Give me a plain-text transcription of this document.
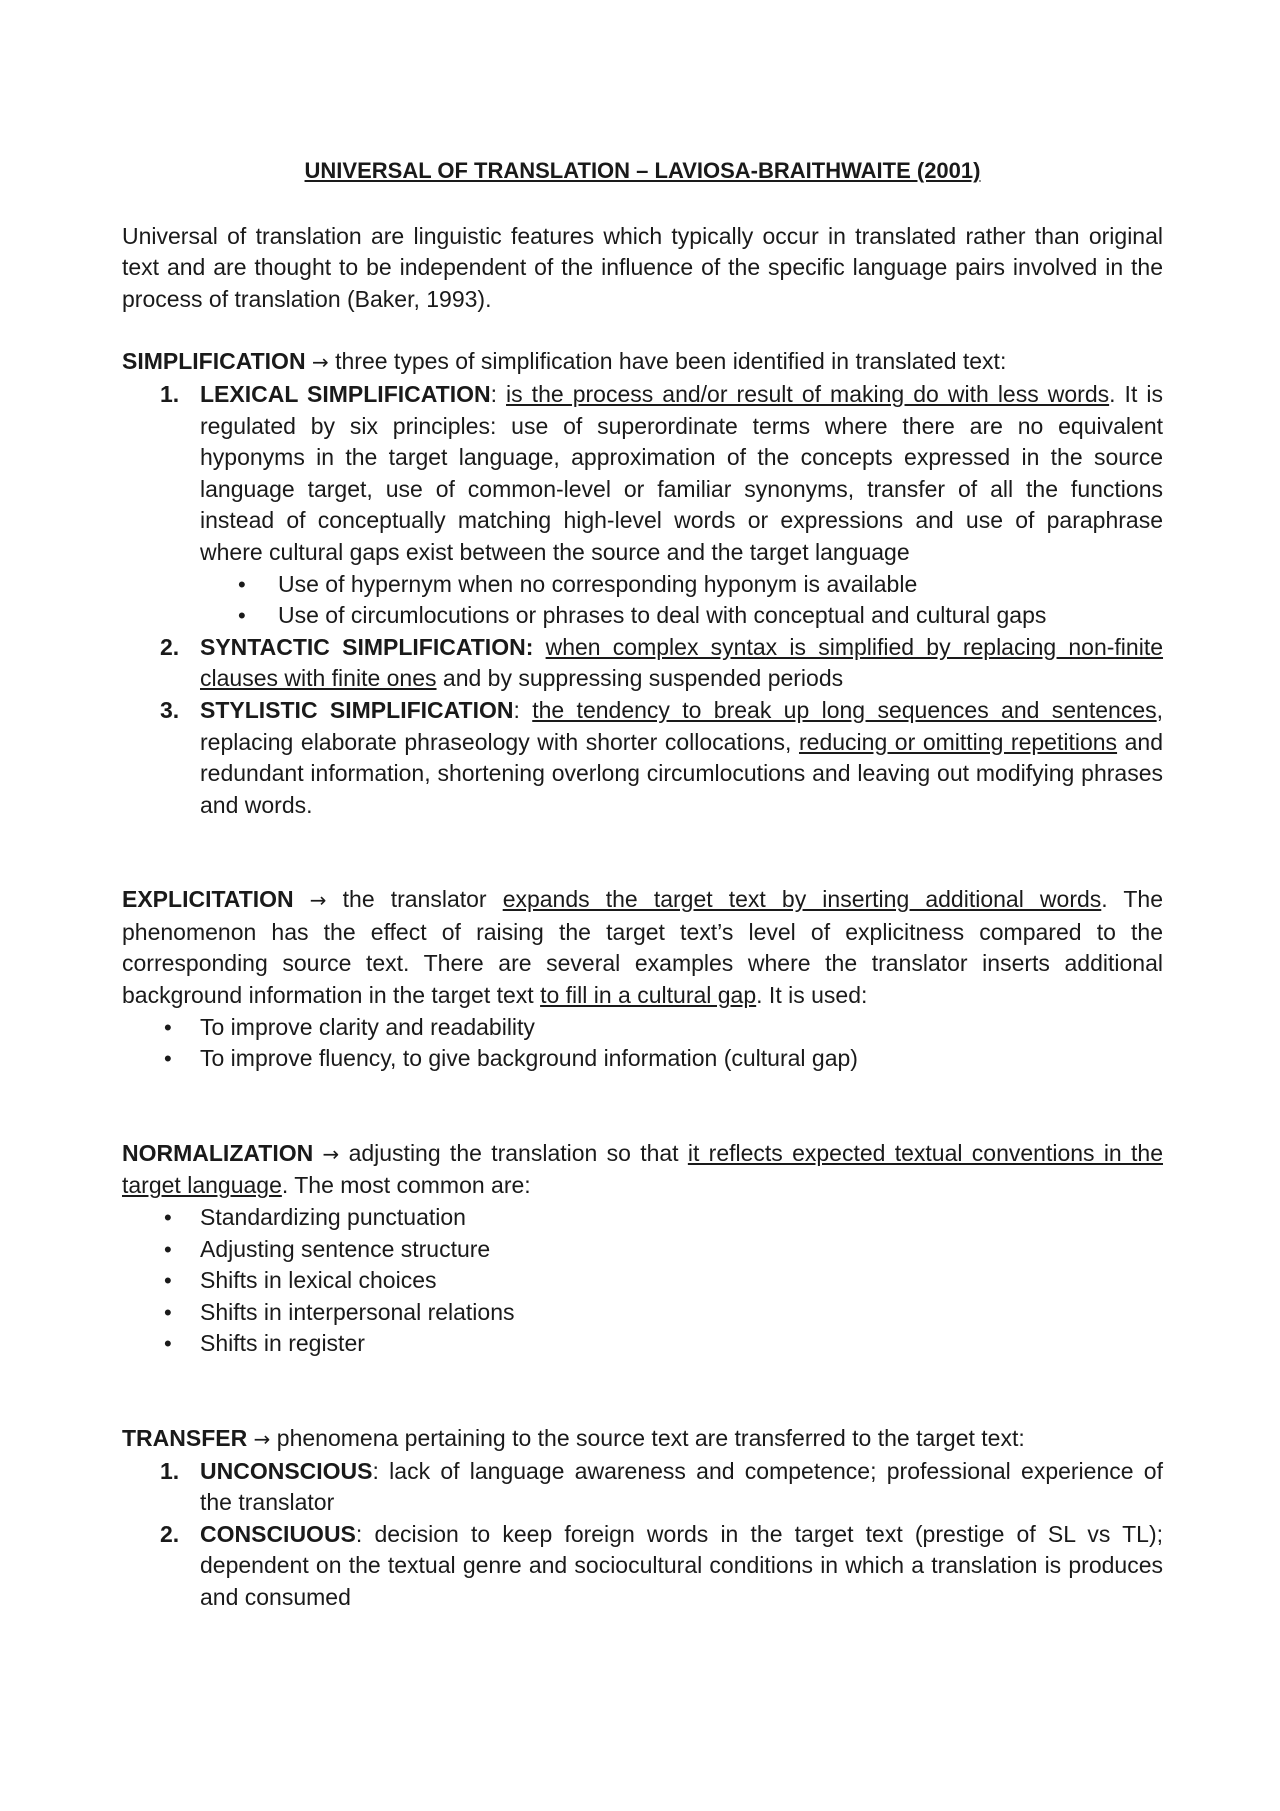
UNIVERSAL OF TRANSLATION – LAVIOSA-BRAITHWAITE (2001)

Universal of translation are linguistic features which typically occur in translated rather than original text and are thought to be independent of the influence of the specific language pairs involved in the process of translation (Baker, 1993).

SIMPLIFICATION → three types of simplification have been identified in translated text:

1. LEXICAL SIMPLIFICATION: is the process and/or result of making do with less words. It is regulated by six principles: use of superordinate terms where there are no equivalent hyponyms in the target language, approximation of the concepts expressed in the source language target, use of common-level or familiar synonyms, transfer of all the functions instead of conceptually matching high-level words or expressions and use of paraphrase where cultural gaps exist between the source and the target language
• Use of hypernym when no corresponding hyponym is available
• Use of circumlocutions or phrases to deal with conceptual and cultural gaps
2. SYNTACTIC SIMPLIFICATION: when complex syntax is simplified by replacing non-finite clauses with finite ones and by suppressing suspended periods
3. STYLISTIC SIMPLIFICATION: the tendency to break up long sequences and sentences, replacing elaborate phraseology with shorter collocations, reducing or omitting repetitions and redundant information, shortening overlong circumlocutions and leaving out modifying phrases and words.

EXPLICITATION → the translator expands the target text by inserting additional words. The phenomenon has the effect of raising the target text’s level of explicitness compared to the corresponding source text. There are several examples where the translator inserts additional background information in the target text to fill in a cultural gap. It is used:

• To improve clarity and readability
• To improve fluency, to give background information (cultural gap)

NORMALIZATION → adjusting the translation so that it reflects expected textual conventions in the target language. The most common are:

• Standardizing punctuation
• Adjusting sentence structure
• Shifts in lexical choices
• Shifts in interpersonal relations
• Shifts in register

TRANSFER → phenomena pertaining to the source text are transferred to the target text:

1. UNCONSCIOUS: lack of language awareness and competence; professional experience of the translator
2. CONSCIUOUS: decision to keep foreign words in the target text (prestige of SL vs TL); dependent on the textual genre and sociocultural conditions in which a translation is produces and consumed
